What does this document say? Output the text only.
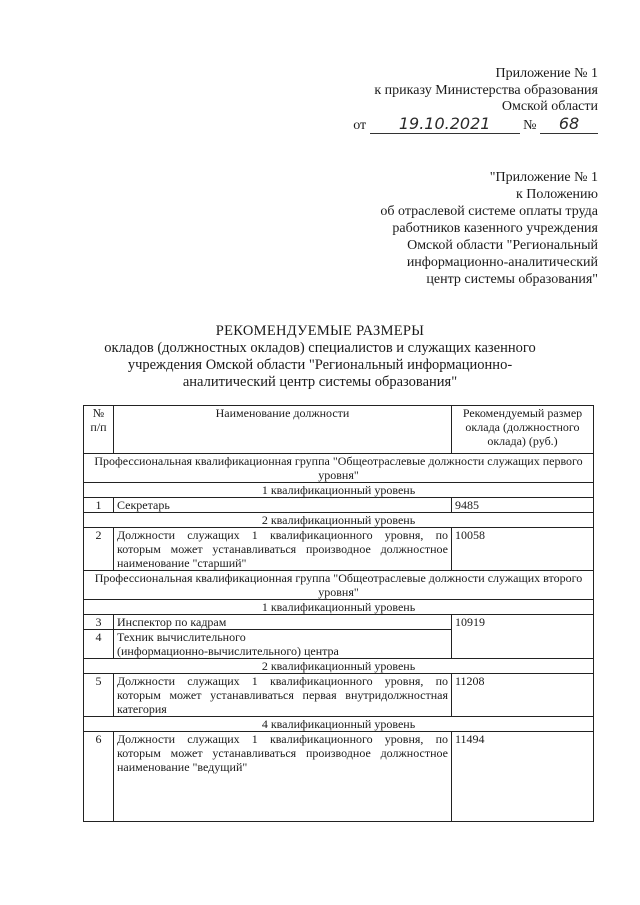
Приложение № 1
к приказу Министерства образования
Омской области
от 19.10.2021 № 68
"Приложение № 1
к Положению
об отраслевой системе оплаты труда
работников казенного учреждения
Омской области "Региональный
информационно-аналитический
центр системы образования"
РЕКОМЕНДУЕМЫЕ РАЗМЕРЫ
окладов (должностных окладов) специалистов и служащих казенного
учреждения Омской области "Региональный информационно-
аналитический центр системы образования"
№ п/п	Наименование должности	Рекомендуемый размер оклада (должностного оклада) (руб.)
Профессиональная квалификационная группа "Общеотраслевые должности служащих первого уровня"		
1 квалификационный уровень		
1	Секретарь	9485
2 квалификационный уровень		
2	Должности служащих 1 квалификационного уровня, по которым может устанавливаться производное должностное наименование "старший"	10058
Профессиональная квалификационная группа "Общеотраслевые должности служащих второго уровня"		
1 квалификационный уровень		
3	Инспектор по кадрам	10919
4	Техник вычислительного
(информационно-вычислительного) центра	

2 квалификационный уровень		
5	Должности служащих 1 квалификационного уровня, по которым может устанавливаться первая внутридолжностная категория	11208
4 квалификационный уровень		
6	Должности служащих 1 квалификационного уровня, по которым может устанавливаться производное должностное наименование "ведущий"	11494
